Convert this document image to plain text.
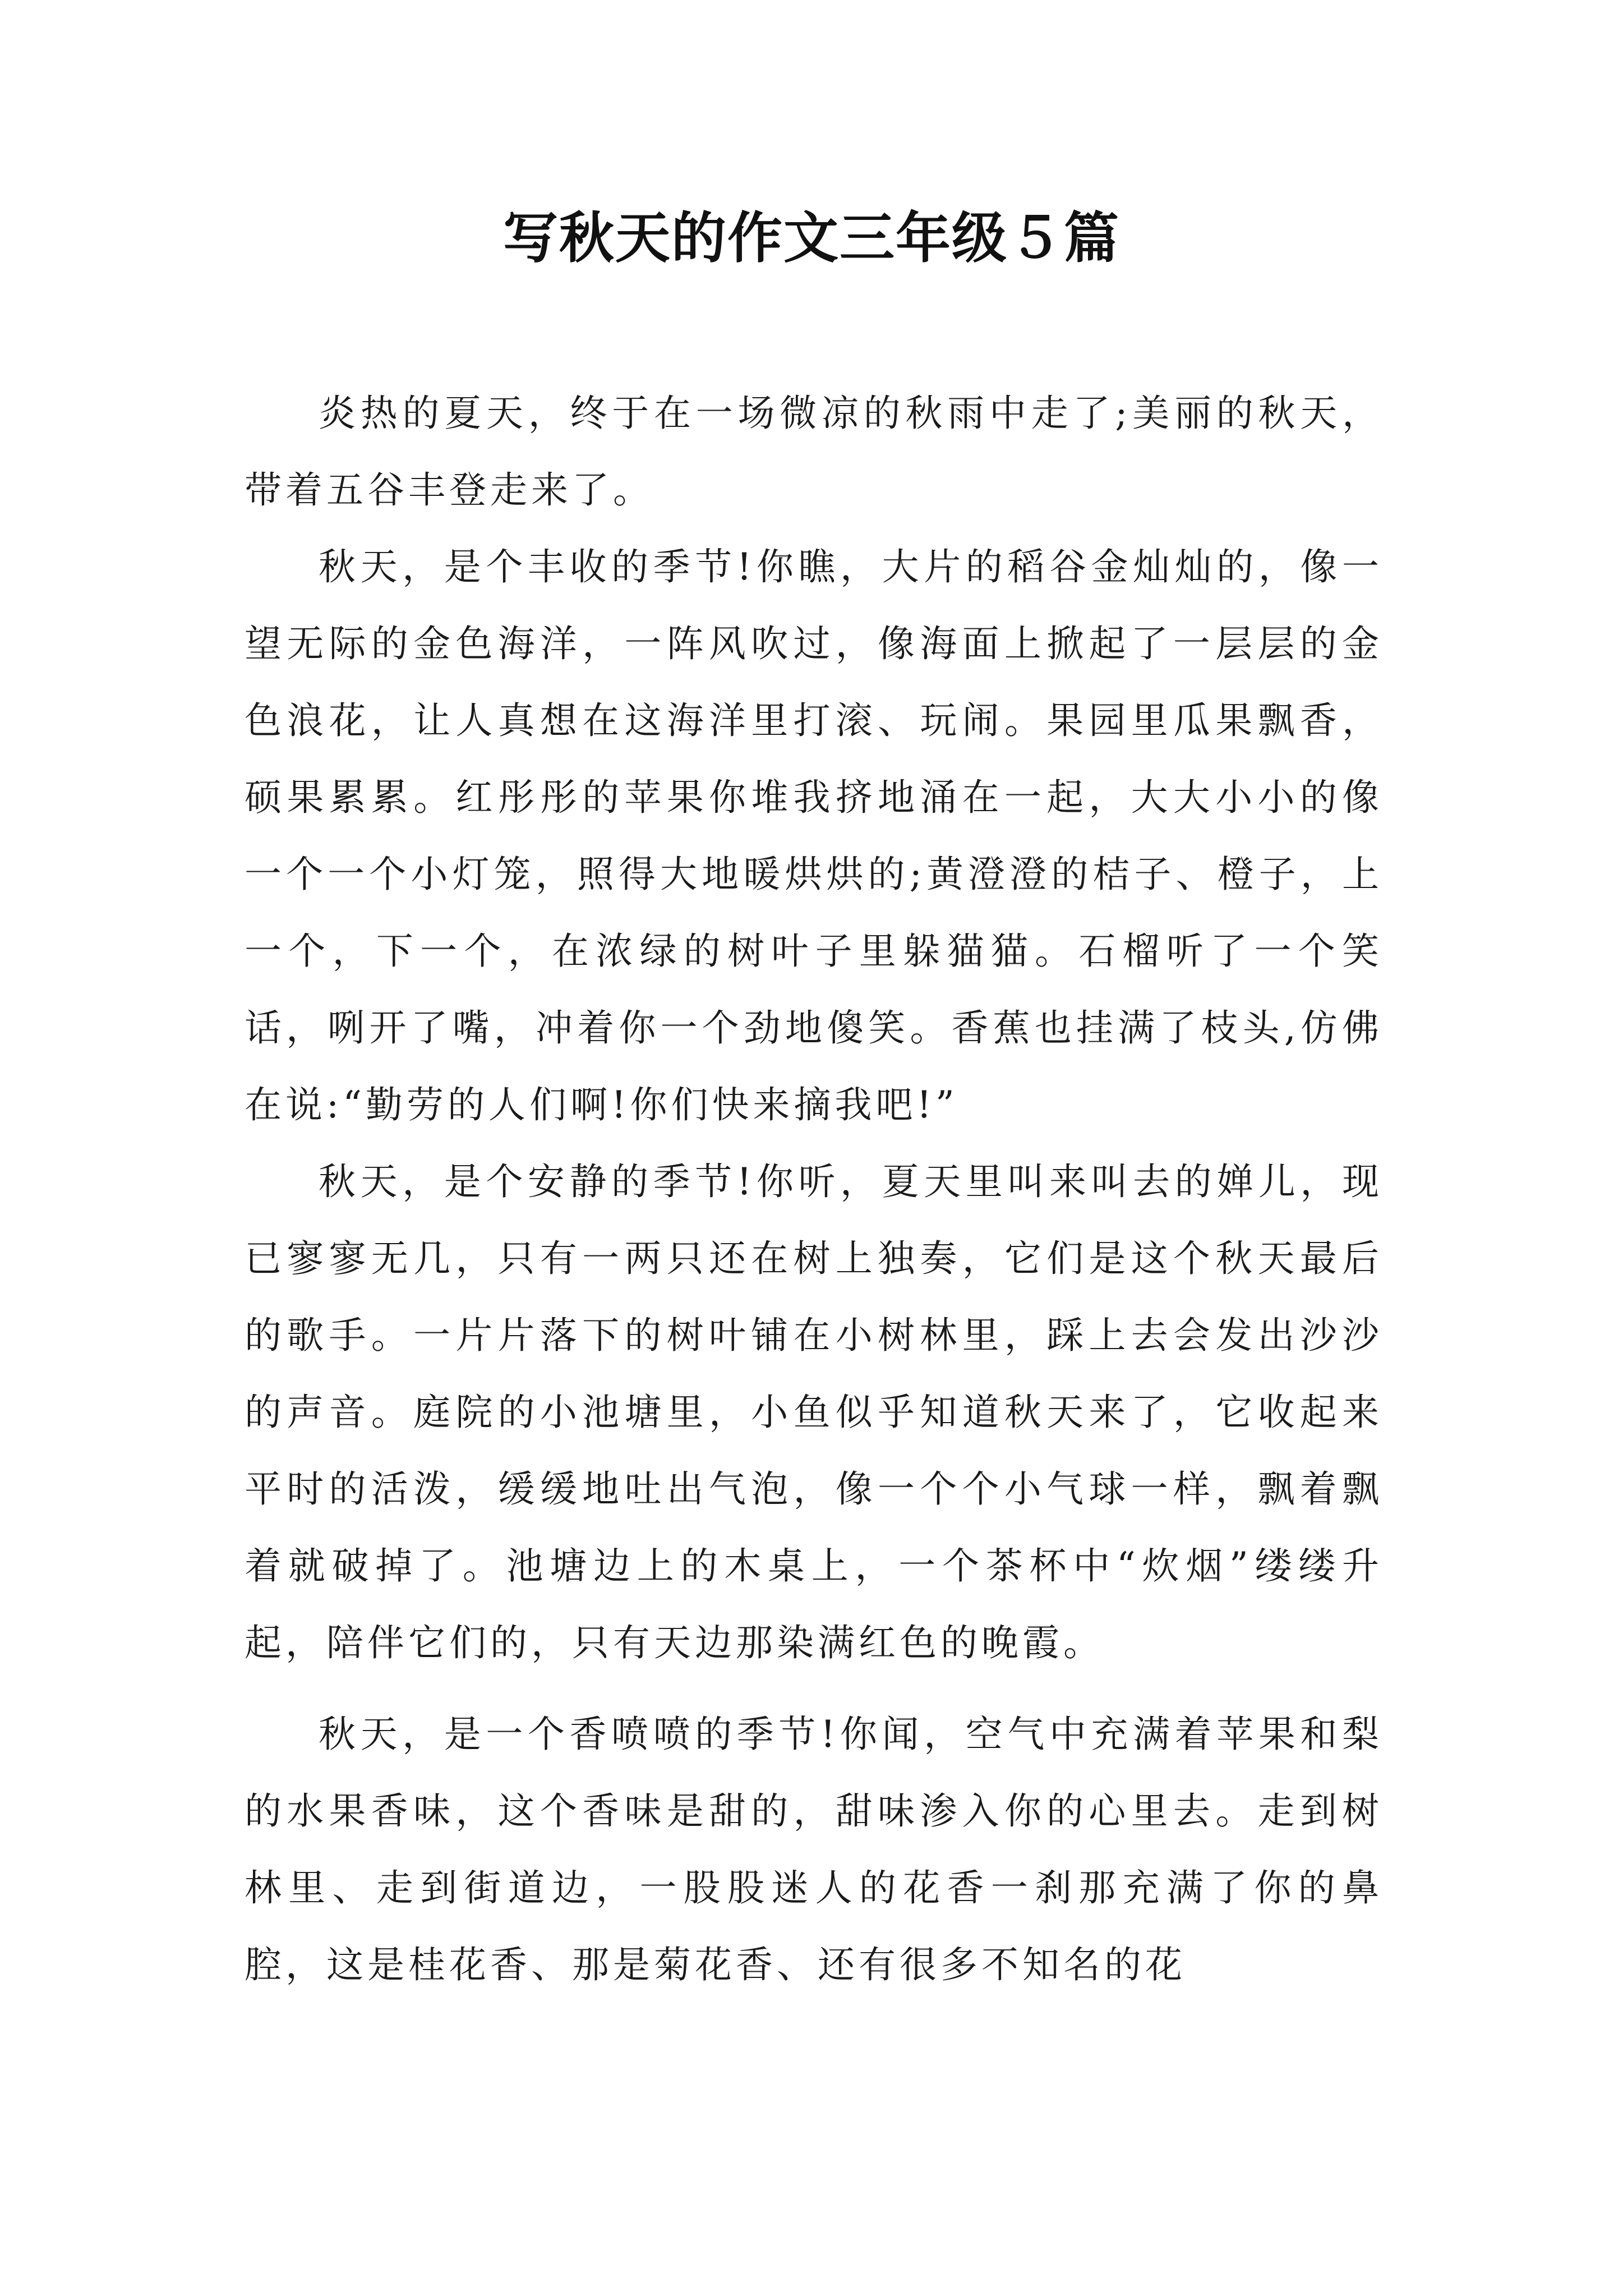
写秋天的作文三年级５篇

炎热的夏天，终于在一场微凉的秋雨中走了;美丽的秋天，带着五谷丰登走来了。

秋天，是个丰收的季节!你瞧，大片的稻谷金灿灿的，像一望无际的金色海洋，一阵风吹过，像海面上掀起了一层层的金色浪花，让人真想在这海洋里打滚、玩闹。果园里瓜果飘香，硕果累累。红彤彤的苹果你堆我挤地涌在一起，大大小小的像一个一个小灯笼，照得大地暖烘烘的;黄澄澄的桔子、橙子，上一个，下一个，在浓绿的树叶子里躲猫猫。石榴听了一个笑话，咧开了嘴，冲着你一个劲地傻笑。香蕉也挂满了枝头,仿佛在说:“勤劳的人们啊!你们快来摘我吧!”

秋天，是个安静的季节!你听，夏天里叫来叫去的婵儿，现已寥寥无几，只有一两只还在树上独奏，它们是这个秋天最后的歌手。一片片落下的树叶铺在小树林里，踩上去会发出沙沙的声音。庭院的小池塘里，小鱼似乎知道秋天来了，它收起来平时的活泼，缓缓地吐出气泡，像一个个小气球一样，飘着飘着就破掉了。池塘边上的木桌上，一个茶杯中“炊烟”缕缕升起，陪伴它们的，只有天边那染满红色的晚霞。

秋天，是一个香喷喷的季节!你闻，空气中充满着苹果和梨的水果香味，这个香味是甜的，甜味渗入你的心里去。走到树林里、走到街道边，一股股迷人的花香一刹那充满了你的鼻腔，这是桂花香、那是菊花香、还有很多不知名的花
